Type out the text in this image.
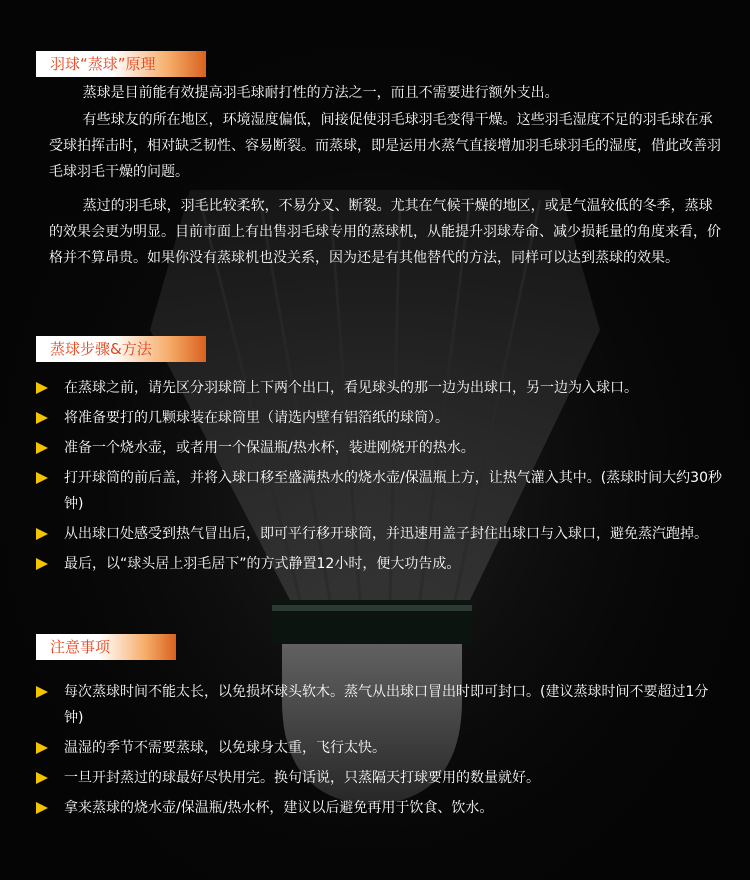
羽球“蒸球”原理

蒸球是目前能有效提高羽毛球耐打性的方法之一，而且不需要进行额外支出。

有些球友的所在地区，环境湿度偏低，间接促使羽毛球羽毛变得干燥。这些羽毛湿度不足的羽毛球在承受球拍挥击时，相对缺乏韧性、容易断裂。而蒸球，即是运用水蒸气直接增加羽毛球羽毛的湿度，借此改善羽毛球羽毛干燥的问题。

蒸过的羽毛球，羽毛比较柔软，不易分叉、断裂。尤其在气候干燥的地区，或是气温较低的冬季，蒸球的效果会更为明显。目前市面上有出售羽毛球专用的蒸球机，从能提升羽球寿命、减少损耗量的角度来看，价格并不算昂贵。如果你没有蒸球机也没关系，因为还是有其他替代的方法，同样可以达到蒸球的效果。

蒸球步骤&方法
在蒸球之前，请先区分羽球筒上下两个出口，看见球头的那一边为出球口，另一边为入球口。
将准备要打的几颗球装在球筒里（请选内壁有铝箔纸的球筒）。
准备一个烧水壶，或者用一个保温瓶/热水杯，装进刚烧开的热水。
打开球筒的前后盖，并将入球口移至盛满热水的烧水壶/保温瓶上方，让热气灌入其中。(蒸球时间大约30秒钟)
从出球口处感受到热气冒出后，即可平行移开球筒，并迅速用盖子封住出球口与入球口，避免蒸汽跑掉。
最后，以“球头居上羽毛居下”的方式静置12小时，便大功告成。
注意事项
每次蒸球时间不能太长，以免损坏球头软木。蒸气从出球口冒出时即可封口。(建议蒸球时间不要超过1分钟)
温湿的季节不需要蒸球，以免球身太重，飞行太快。
一旦开封蒸过的球最好尽快用完。换句话说，只蒸隔天打球要用的数量就好。
拿来蒸球的烧水壶/保温瓶/热水杯，建议以后避免再用于饮食、饮水。
